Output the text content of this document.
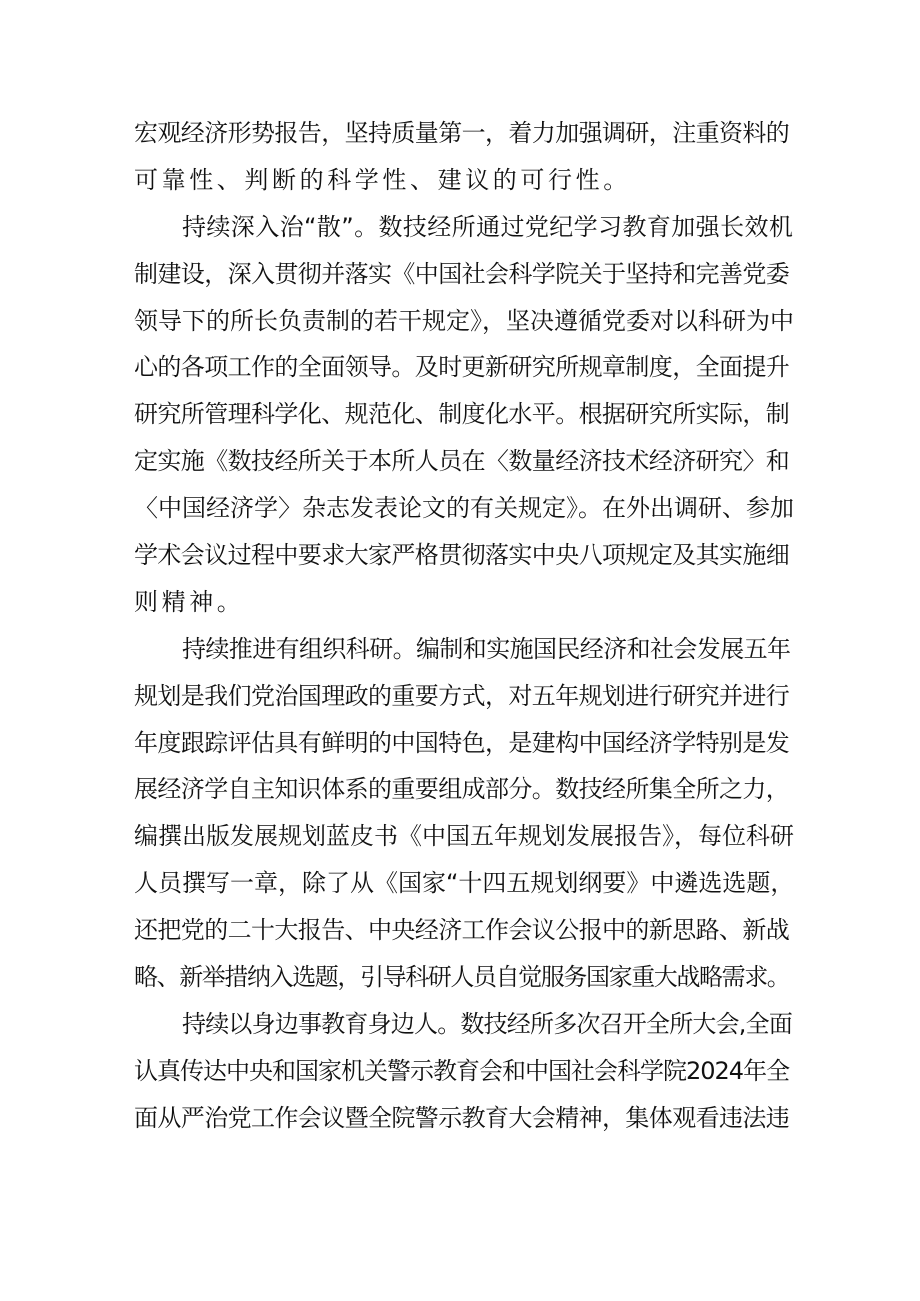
宏观经济形势报告，坚持质量第一，着力加强调研，注重资料的
可靠性、判断的科学性、建议的可行性。
持续深入治“散”。数技经所通过党纪学习教育加强长效机
制建设，深入贯彻并落实《中国社会科学院关于坚持和完善党委
领导下的所长负责制的若干规定》，坚决遵循党委对以科研为中
心的各项工作的全面领导。及时更新研究所规章制度，全面提升
研究所管理科学化、规范化、制度化水平。根据研究所实际，制
定实施《数技经所关于本所人员在〈数量经济技术经济研究〉和
〈中国经济学〉杂志发表论文的有关规定》。在外出调研、参加
学术会议过程中要求大家严格贯彻落实中央八项规定及其实施细
则精神。
持续推进有组织科研。编制和实施国民经济和社会发展五年
规划是我们党治国理政的重要方式，对五年规划进行研究并进行
年度跟踪评估具有鲜明的中国特色，是建构中国经济学特别是发
展经济学自主知识体系的重要组成部分。数技经所集全所之力，
编撰出版发展规划蓝皮书《中国五年规划发展报告》，每位科研
人员撰写一章，除了从《国家“十四五规划纲要》中遴选选题，
还把党的二十大报告、中央经济工作会议公报中的新思路、新战
略、新举措纳入选题，引导科研人员自觉服务国家重大战略需求。
持续以身边事教育身边人。数技经所多次召开全所大会,全面
认真传达中央和国家机关警示教育会和中国社会科学院2024年全
面从严治党工作会议暨全院警示教育大会精神，集体观看违法违
